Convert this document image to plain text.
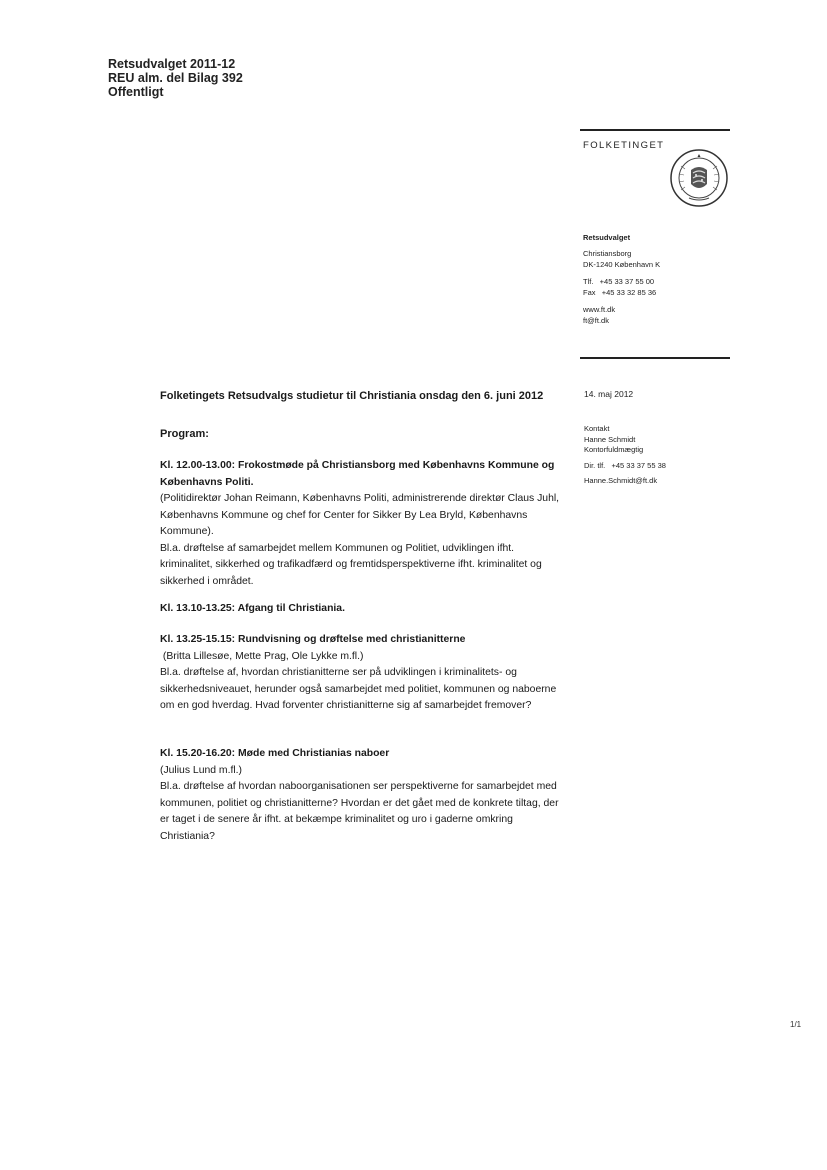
Retsudvalget 2011-12
REU alm. del Bilag 392
Offentligt
FOLKETINGET
Retsudvalget
Christiansborg
DK-1240 København K
Tlf.   +45 33 37 55 00
Fax   +45 33 32 85 36
www.ft.dk
ft@ft.dk
14. maj 2012
Kontakt
Hanne Schmidt
Kontorfuldmægtig
Dir. tlf.   +45 33 37 55 38
Hanne.Schmidt@ft.dk
Folketingets Retsudvalgs studietur til Christiania onsdag den 6. juni 2012
Program:

Kl. 12.00-13.00: Frokostmøde på Christiansborg med Københavns Kommune og Københavns Politi.

(Politidirektør Johan Reimann, Københavns Politi, administrerende direktør Claus Juhl, Københavns Kommune og chef for Center for Sikker By Lea Bryld, Københavns Kommune).

Bl.a. drøftelse af samarbejdet mellem Kommunen og Politiet, udviklingen ifht. kriminalitet, sikkerhed og trafikadfærd og fremtidsperspektiverne ifht. kriminalitet og sikkerhed i området.

Kl. 13.10-13.25: Afgang til Christiania.

Kl. 13.25-15.15: Rundvisning og drøftelse med christianitterne

(Britta Lillesøe, Mette Prag, Ole Lykke m.fl.)

Bl.a. drøftelse af, hvordan christianitterne ser på udviklingen i kriminalitets- og sikkerhedsniveauet, herunder også samarbejdet med politiet, kommunen og naboerne om en god hverdag. Hvad forventer christianitterne sig af samarbejdet fremover?

Kl. 15.20-16.20: Møde med Christianias naboer

(Julius Lund m.fl.)

Bl.a. drøftelse af hvordan naboorganisationen ser perspektiverne for samarbejdet med kommunen, politiet og christianitterne? Hvordan er det gået med de konkrete tiltag, der er taget i de senere år ifht. at bekæmpe kriminalitet og uro i gaderne omkring Christiania?

1/1
